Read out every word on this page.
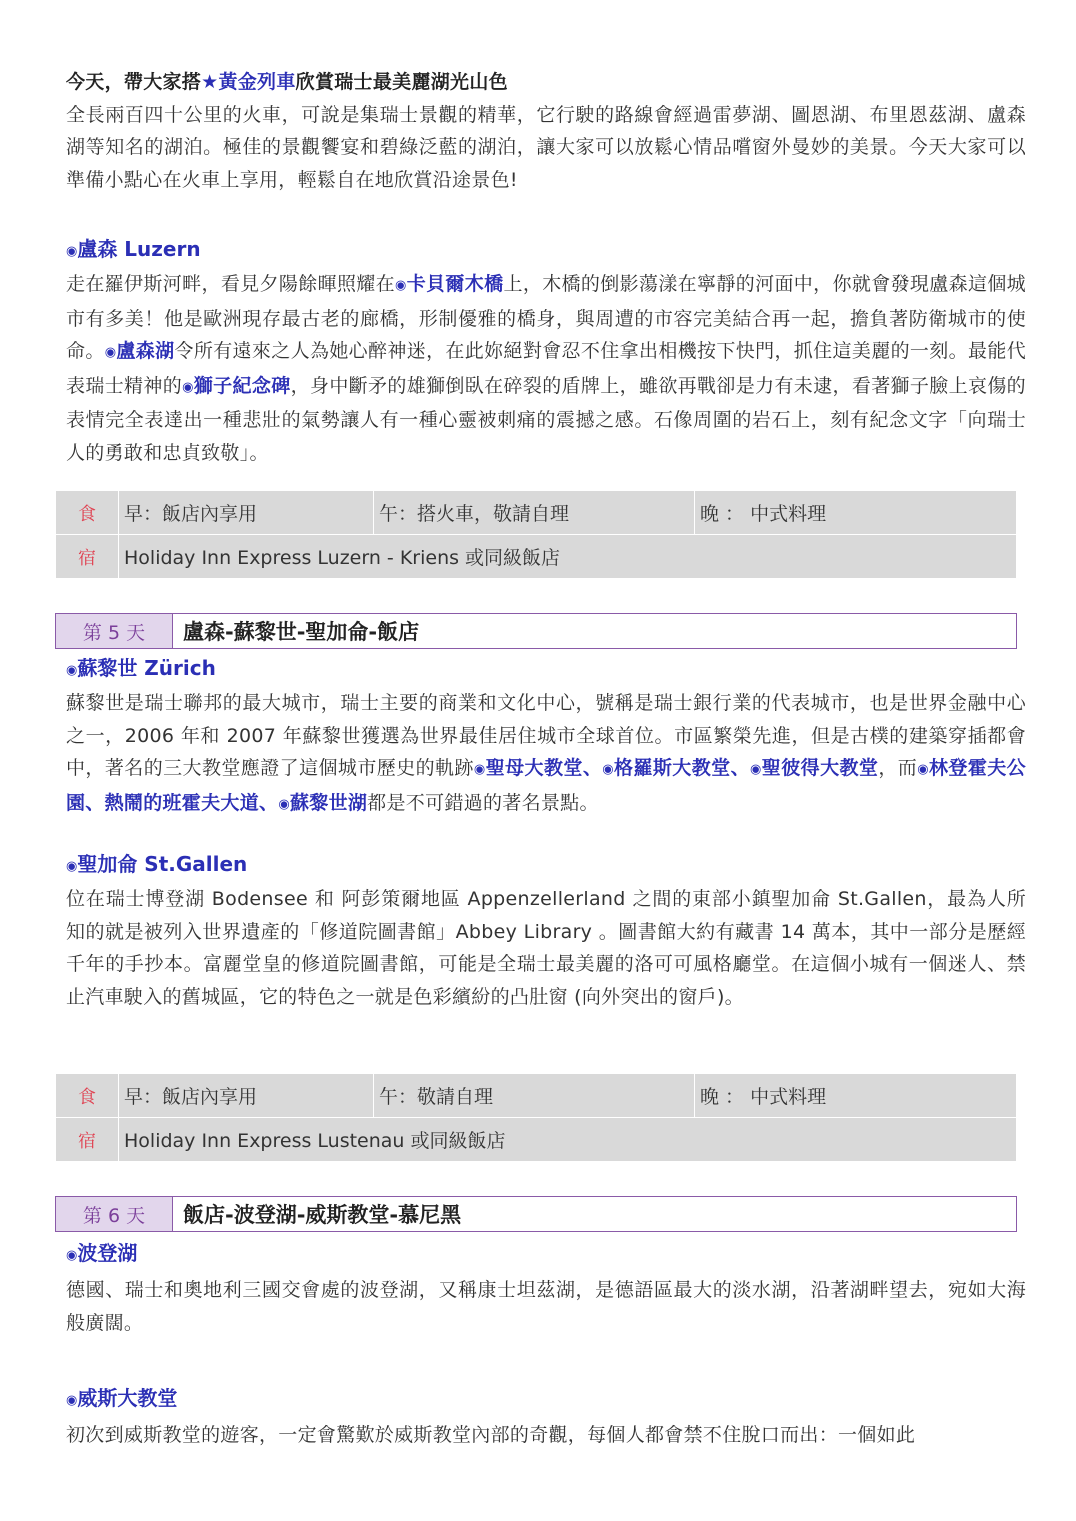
今天，帶大家搭★黃金列車欣賞瑞士最美麗湖光山色

全長兩百四十公里的火車，可說是集瑞士景觀的精華，它行駛的路線會經過雷夢湖、圖恩湖、布里恩茲湖、盧森湖等知名的湖泊。極佳的景觀饗宴和碧綠泛藍的湖泊，讓大家可以放鬆心情品嚐窗外曼妙的美景。今天大家可以準備小點心在火車上享用，輕鬆自在地欣賞沿途景色!

◉盧森 Luzern

走在羅伊斯河畔，看見夕陽餘暉照耀在◉卡貝爾木橋上，木橋的倒影蕩漾在寧靜的河面中，你就會發現盧森這個城市有多美！他是歐洲現存最古老的廊橋，形制優雅的橋身，與周遭的市容完美結合再一起，擔負著防衛城市的使命。◉盧森湖令所有遠來之人為她心醉神迷，在此妳絕對會忍不住拿出相機按下快門，抓住這美麗的一刻。最能代表瑞士精神的◉獅子紀念碑，身中斷矛的雄獅倒臥在碎裂的盾牌上，雖欲再戰卻是力有未逮，看著獅子臉上哀傷的表情完全表達出一種悲壯的氣勢讓人有一種心靈被刺痛的震撼之感。石像周圍的岩石上，刻有紀念文字「向瑞士人的勇敢和忠貞致敬」。

食	早：飯店內享用	午：搭火車，敬請自理	晚 ： 中式料理
宿	Holiday Inn Express Luzern - Kriens 或同級飯店		
第 5 天	盧森-蘇黎世-聖加侖-飯店

◉蘇黎世 Zürich

蘇黎世是瑞士聯邦的最大城市，瑞士主要的商業和文化中心，號稱是瑞士銀行業的代表城市，也是世界金融中心之一，2006 年和 2007 年蘇黎世獲選為世界最佳居住城市全球首位。市區繁榮先進，但是古樸的建築穿插都會中，著名的三大教堂應證了這個城市歷史的軌跡◉聖母大教堂、◉格羅斯大教堂、◉聖彼得大教堂，而◉林登霍夫公園、熱鬧的班霍夫大道、◉蘇黎世湖都是不可錯過的著名景點。

◉聖加侖 St.Gallen

位在瑞士博登湖 Bodensee 和 阿彭策爾地區 Appenzellerland 之間的東部小鎮聖加侖 St.Gallen，最為人所知的就是被列入世界遺產的「修道院圖書館」Abbey Library 。圖書館大約有藏書 14 萬本，其中一部分是歷經千年的手抄本。富麗堂皇的修道院圖書館，可能是全瑞士最美麗的洛可可風格廳堂。在這個小城有一個迷人、禁止汽車駛入的舊城區，它的特色之一就是色彩繽紛的凸肚窗 (向外突出的窗戶)。

食	早：飯店內享用	午：敬請自理	晚 ： 中式料理
宿	Holiday Inn Express Lustenau 或同級飯店		
第 6 天	飯店-波登湖-威斯教堂-慕尼黑

◉波登湖

德國、瑞士和奧地利三國交會處的波登湖，又稱康士坦茲湖，是德語區最大的淡水湖，沿著湖畔望去，宛如大海般廣闊。

◉威斯大教堂

初次到威斯教堂的遊客，一定會驚歎於威斯教堂內部的奇觀，每個人都會禁不住脫口而出：一個如此
